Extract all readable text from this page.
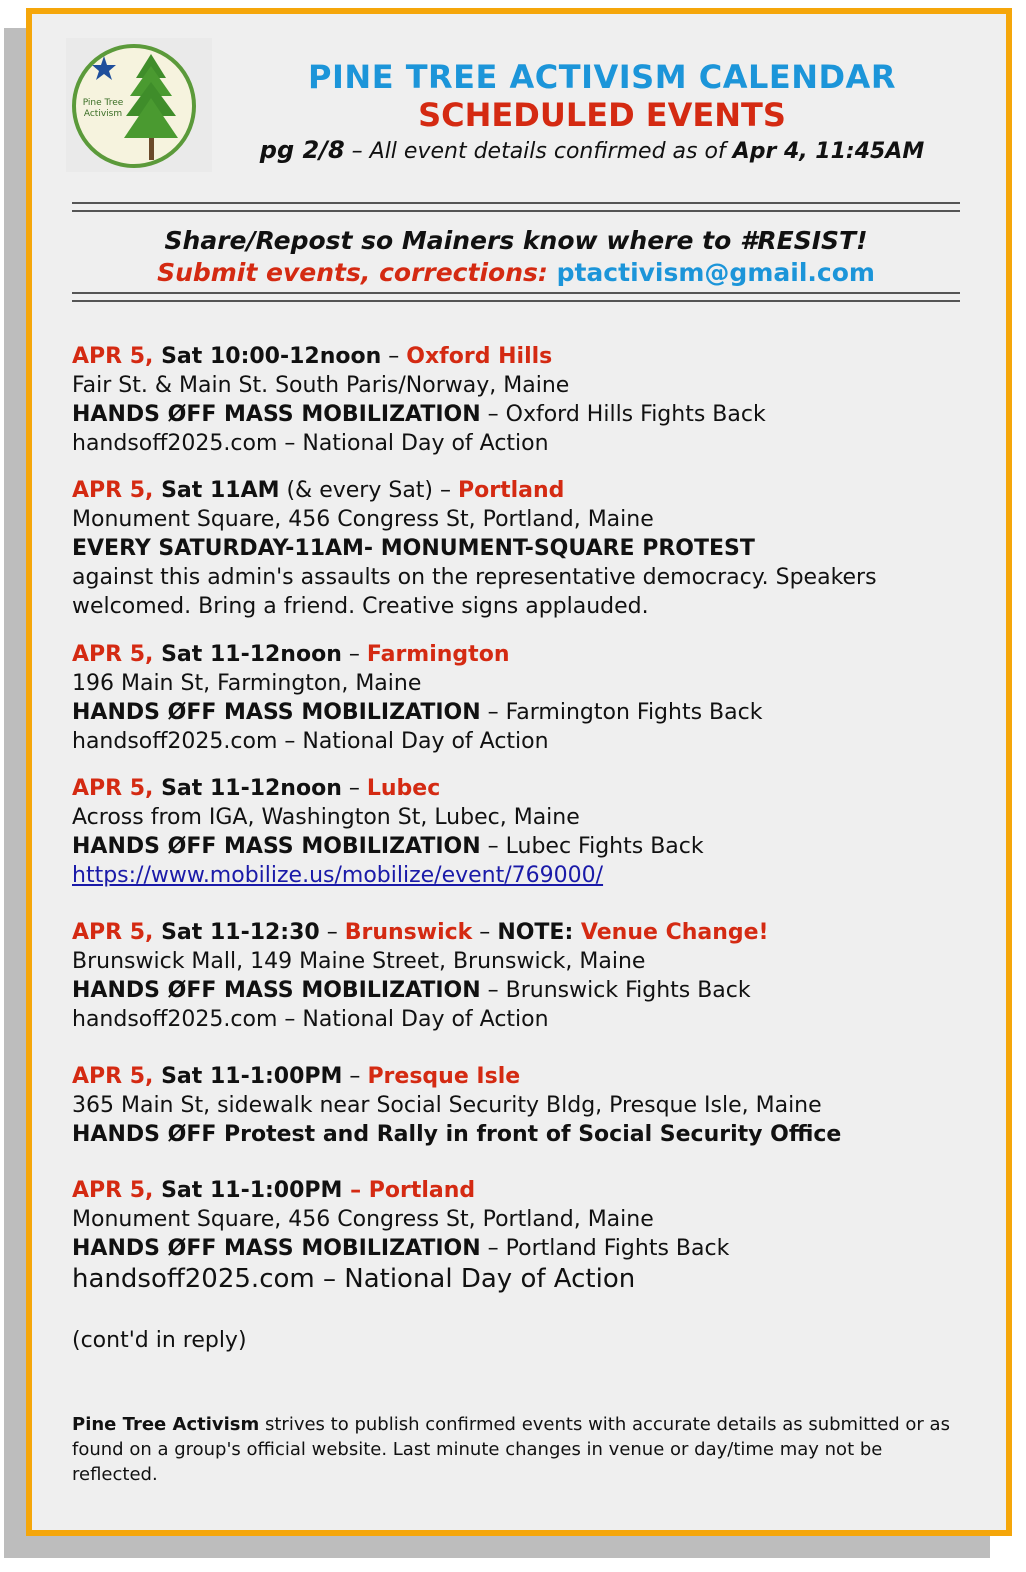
Pine Tree Activism
PINE TREE ACTIVISM CALENDAR
SCHEDULED EVENTS
pg 2/8 – All event details confirmed as of Apr 4, 11:45AM
Share/Repost so Mainers know where to #RESIST!
Submit events, corrections: ptactivism@gmail.com
APR 5, Sat 10:00-12noon – Oxford Hills
Fair St. & Main St. South Paris/Norway, Maine
HANDS ØFF MASS MOBILIZATION – Oxford Hills Fights Back
handsoff2025.com – National Day of Action
APR 5, Sat 11AM (& every Sat) – Portland
Monument Square, 456 Congress St, Portland, Maine
EVERY SATURDAY-11AM- MONUMENT-SQUARE PROTEST
against this admin's assaults on the representative democracy. Speakers welcomed. Bring a friend. Creative signs applauded.
APR 5, Sat 11-12noon – Farmington
196 Main St, Farmington, Maine
HANDS ØFF MASS MOBILIZATION – Farmington Fights Back
handsoff2025.com – National Day of Action
APR 5, Sat 11-12noon – Lubec
Across from IGA, Washington St, Lubec, Maine
HANDS ØFF MASS MOBILIZATION – Lubec Fights Back
https://www.mobilize.us/mobilize/event/769000/
APR 5, Sat 11-12:30 – Brunswick – NOTE: Venue Change!
Brunswick Mall, 149 Maine Street, Brunswick, Maine
HANDS ØFF MASS MOBILIZATION – Brunswick Fights Back
handsoff2025.com – National Day of Action
APR 5, Sat 11-1:00PM – Presque Isle
365 Main St, sidewalk near Social Security Bldg, Presque Isle, Maine
HANDS ØFF Protest and Rally in front of Social Security Office
APR 5, Sat 11-1:00PM – Portland
Monument Square, 456 Congress St, Portland, Maine
HANDS ØFF MASS MOBILIZATION – Portland Fights Back
handsoff2025.com – National Day of Action
(cont'd in reply)
Pine Tree Activism strives to publish confirmed events with accurate details as submitted or as found on a group's official website. Last minute changes in venue or day/time may not be reflected.
